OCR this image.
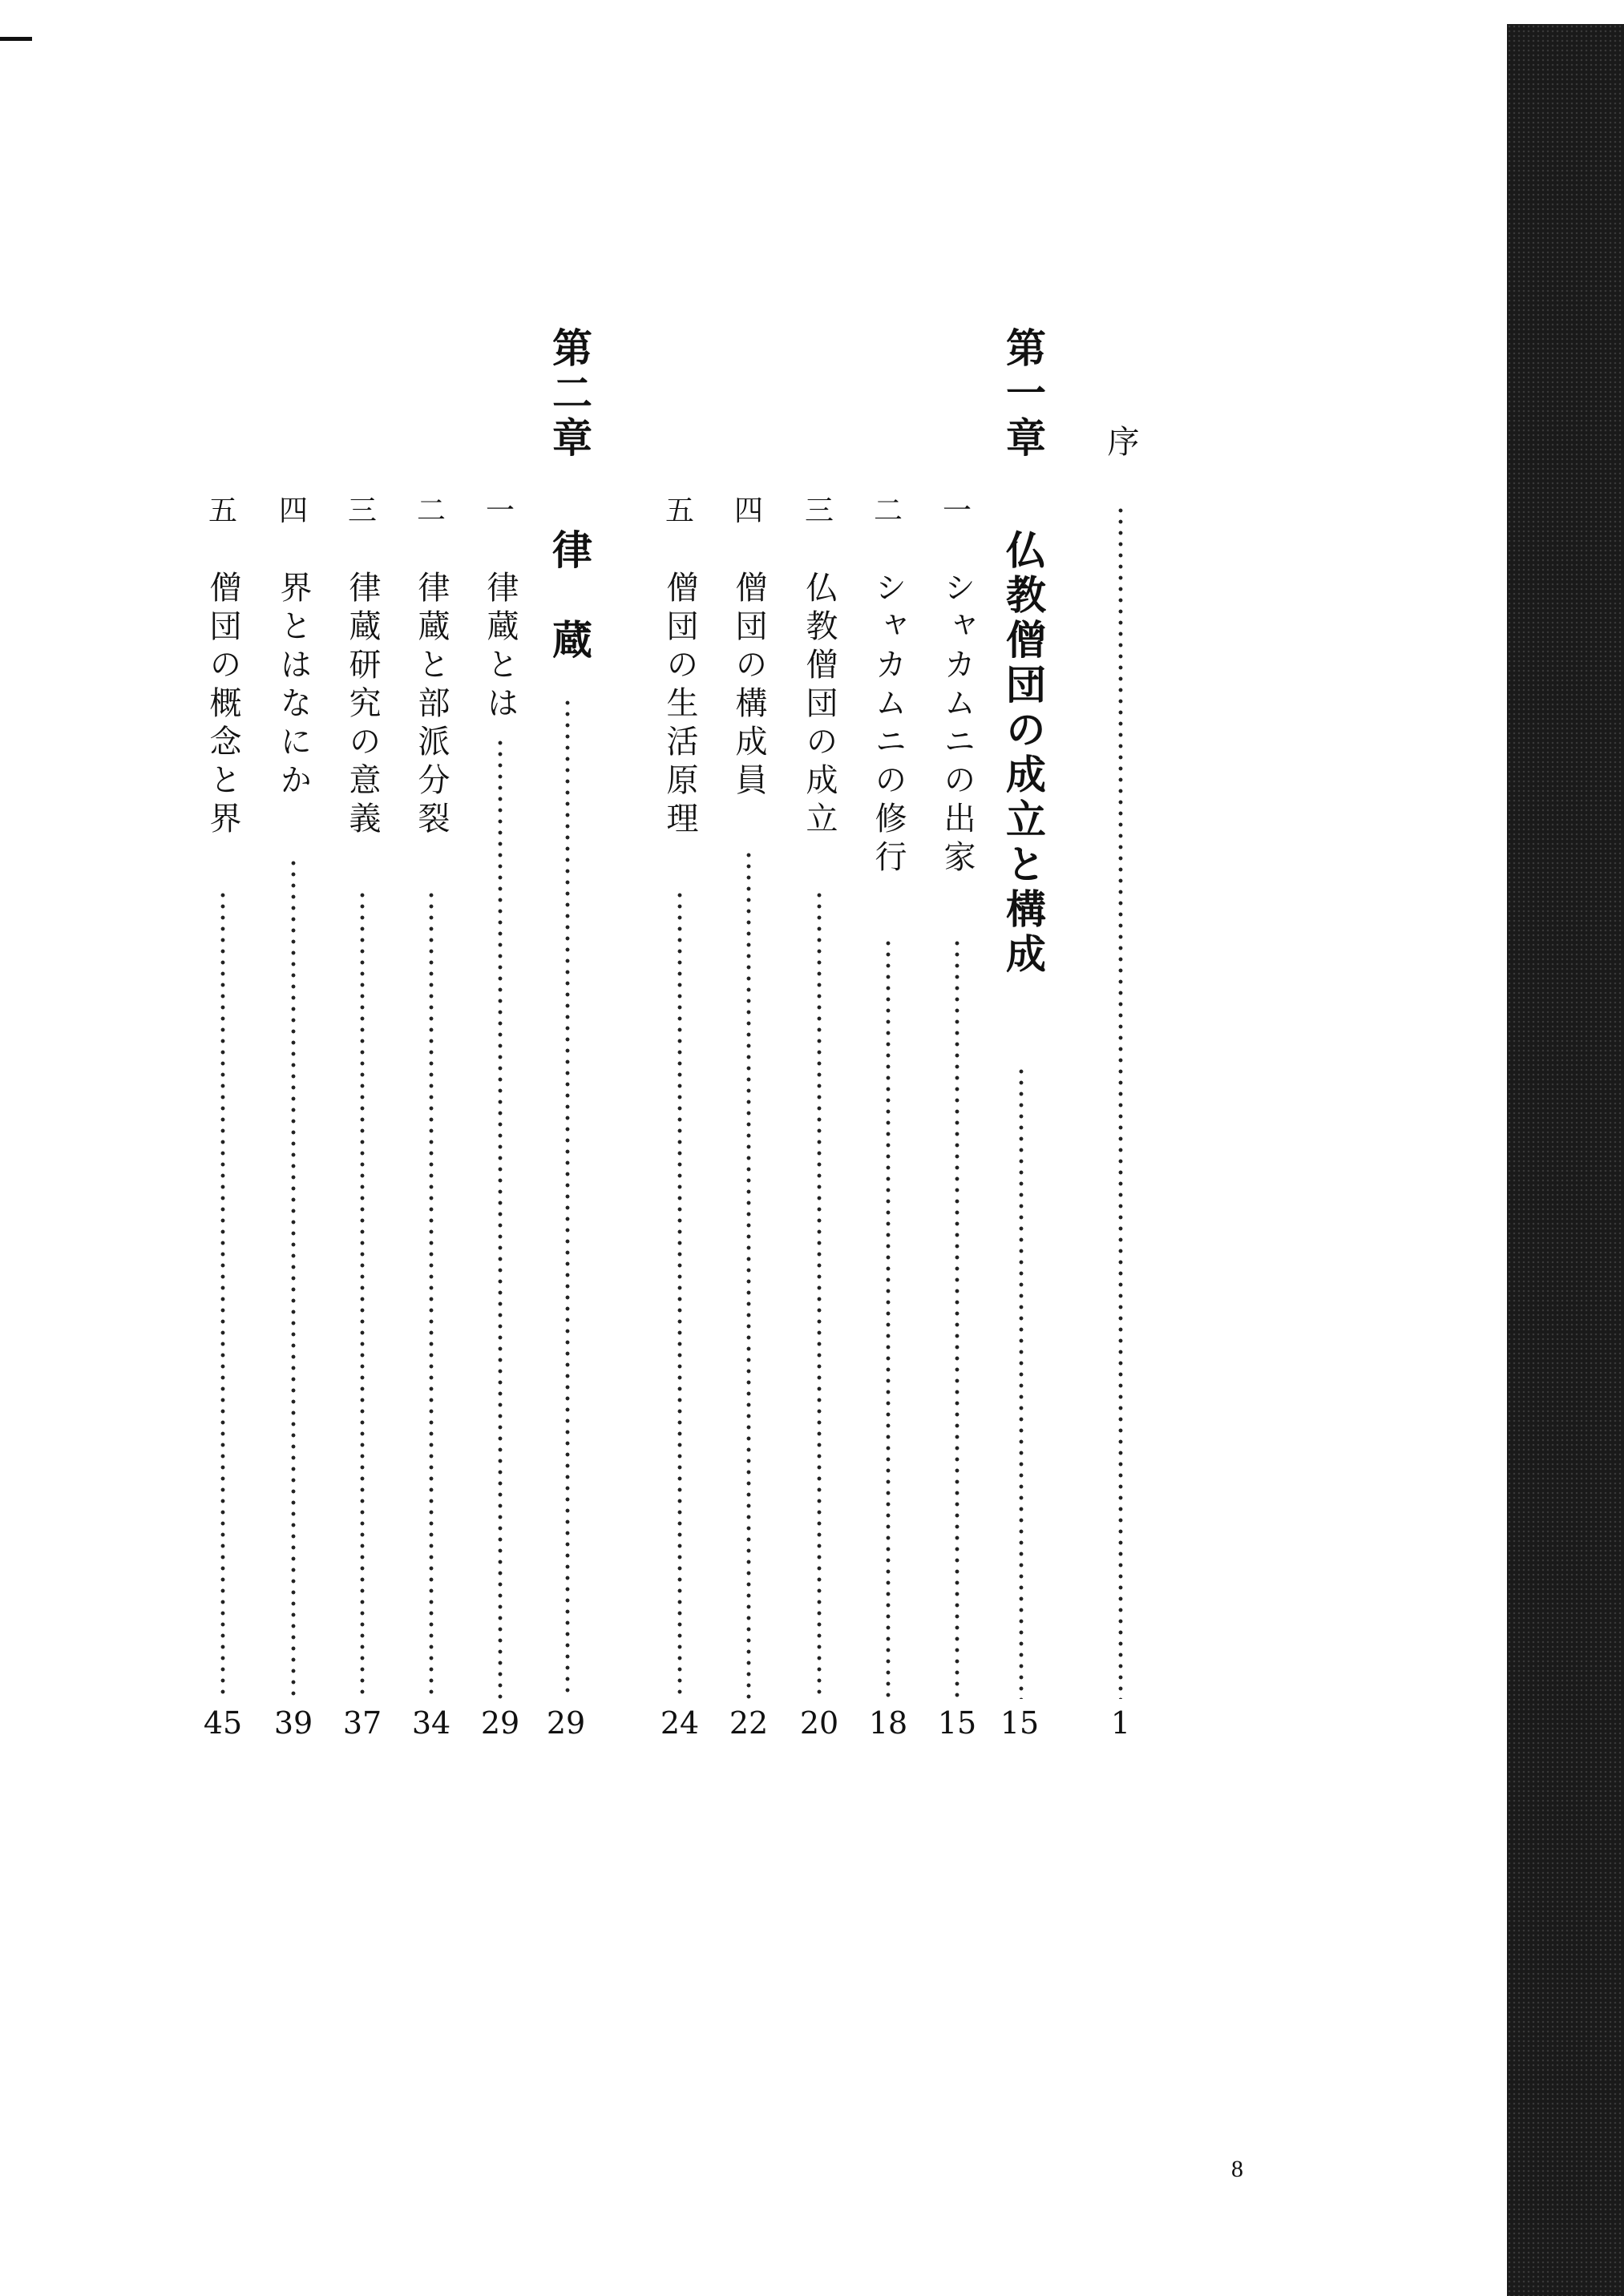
序
1
第一章
仏教僧団の成立と構成
15
一
シャカムニの出家
15
二
シャカムニの修行
18
三
仏教僧団の成立
20
四
僧団の構成員
22
五
僧団の生活原理
24
第二章
律　蔵
29
一
律蔵とは
29
二
律蔵と部派分裂
34
三
律蔵研究の意義
37
四
界とはなにか
39
五
僧団の概念と界
45
8
